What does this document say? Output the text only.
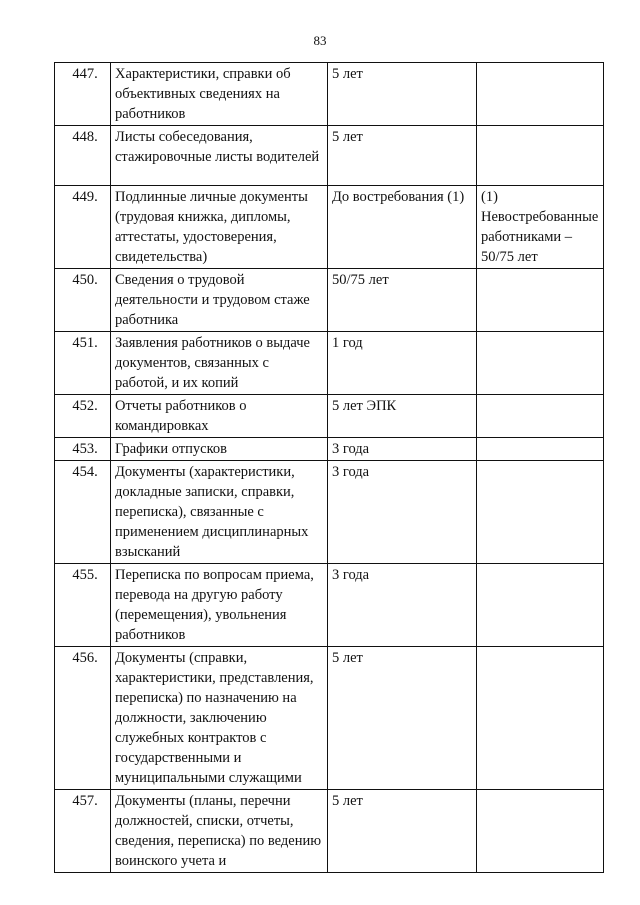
83
447.	Характеристики, справки об объективных сведениях на работников	5 лет	
448.	Листы собеседования, стажировочные листы водителей	5 лет	
449.	Подлинные личные документы (трудовая книжка, дипломы, аттестаты, удостоверения, свидетельства)	До востребования (1)	(1) Невостребованные работниками – 50/75 лет
450.	Сведения о трудовой деятельности и трудовом стаже работника	50/75 лет	
451.	Заявления работников о выдаче документов, связанных с работой, и их копий	1 год	
452.	Отчеты работников о командировках	5 лет ЭПК	
453.	Графики отпусков	3 года	
454.	Документы (характеристики, докладные записки, справки, переписка), связанные с применением дисциплинарных взысканий	3 года	
455.	Переписка по вопросам приема, перевода на другую работу (перемещения), увольнения работников	3 года	
456.	Документы (справки, характеристики, представления, переписка) по назначению на должности, заключению служебных контрактов с государственными и муниципальными служащими	5 лет	
457.	Документы (планы, перечни должностей, списки, отчеты, сведения, переписка) по ведению воинского учета и	5 лет	
